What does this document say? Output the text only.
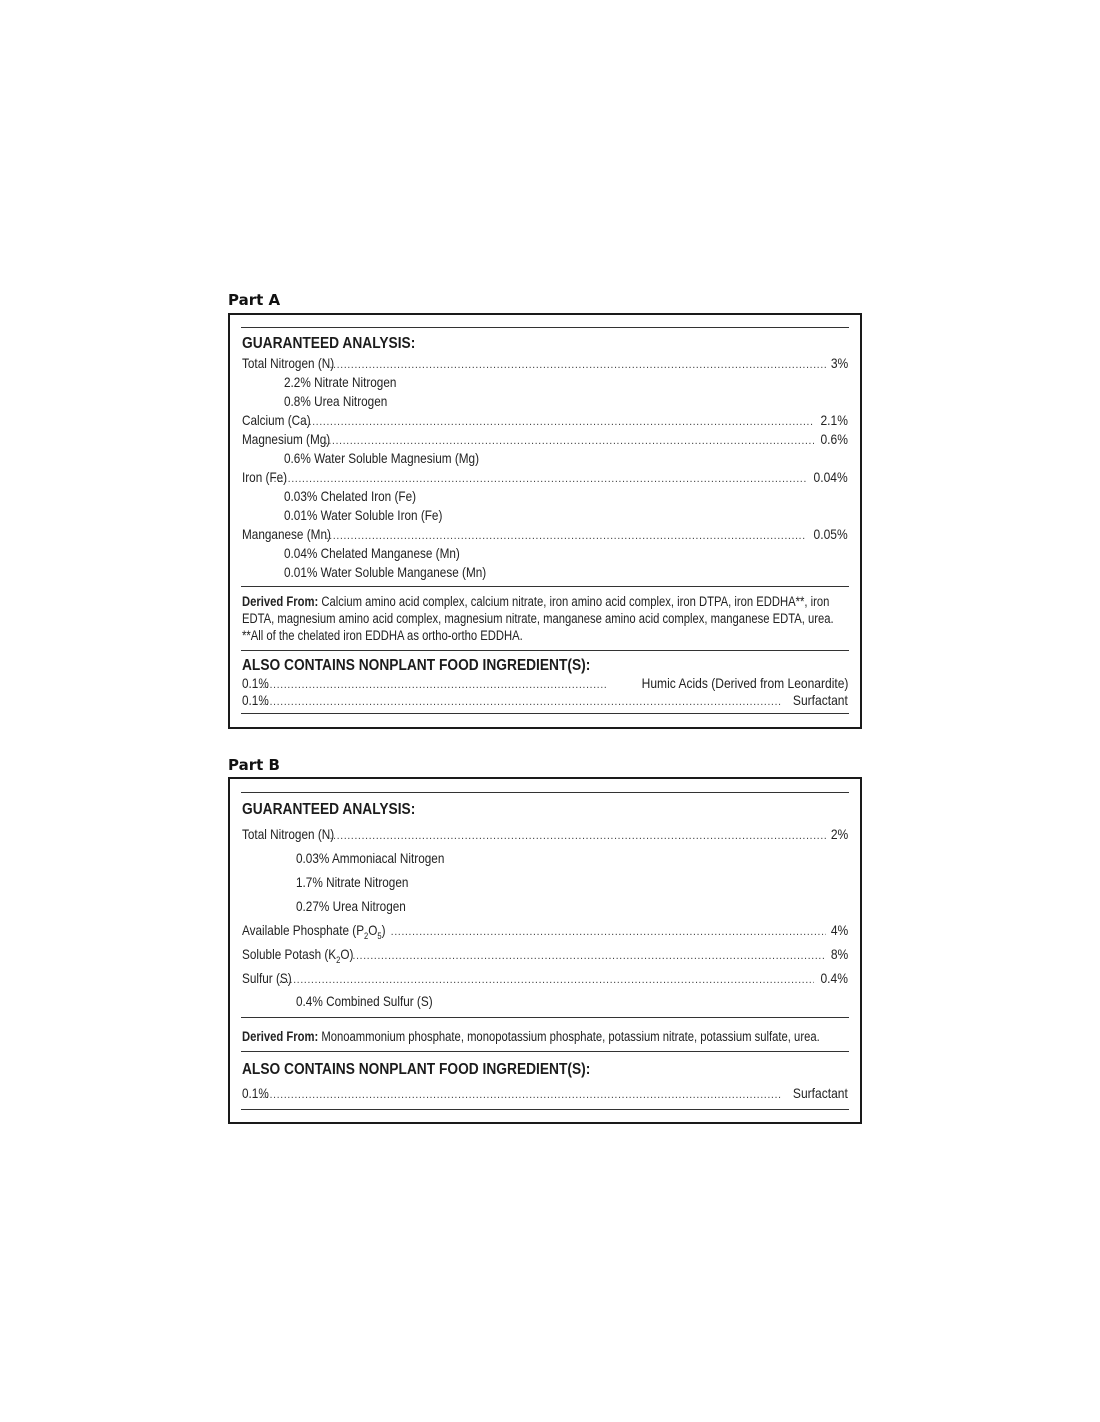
Part A
GUARANTEED ANALYSIS:
Total Nitrogen (N) .....	3%
2.2% Nitrate Nitrogen
0.8% Urea Nitrogen
Calcium (Ca) .....	2.1%
Magnesium (Mg) .....	0.6%
0.6% Water Soluble Magnesium (Mg)
Iron (Fe) .....	0.04%
0.03% Chelated Iron (Fe)
0.01% Water Soluble Iron (Fe)
Manganese (Mn) .....	0.05%
0.04% Chelated Manganese (Mn)
0.01% Water Soluble Manganese (Mn)
Derived From: Calcium amino acid complex, calcium nitrate, iron amino acid complex, iron DTPA, iron EDDHA**, iron EDTA, magnesium amino acid complex, magnesium nitrate, manganese amino acid complex, manganese EDTA, urea.
**All of the chelated iron EDDHA as ortho-ortho EDDHA.
ALSO CONTAINS NONPLANT FOOD INGREDIENT(S):
0.1% .....	Humic Acids (Derived from Leonardite)
0.1% .....	Surfactant
Part B
GUARANTEED ANALYSIS:
Total Nitrogen (N) .....	2%
0.03% Ammoniacal Nitrogen
1.7% Nitrate Nitrogen
0.27% Urea Nitrogen
Available Phosphate $(P_2O_5)$ .....	4%
Soluble Potash $(K_2O)$ .....	8%
Sulfur (S) .....	0.4%
0.4% Combined Sulfur (S)
Derived From: Monoammonium phosphate, monopotassium phosphate, potassium nitrate, potassium sulfate, urea.
ALSO CONTAINS NONPLANT FOOD INGREDIENT(S):
0.1% .....	Surfactant
